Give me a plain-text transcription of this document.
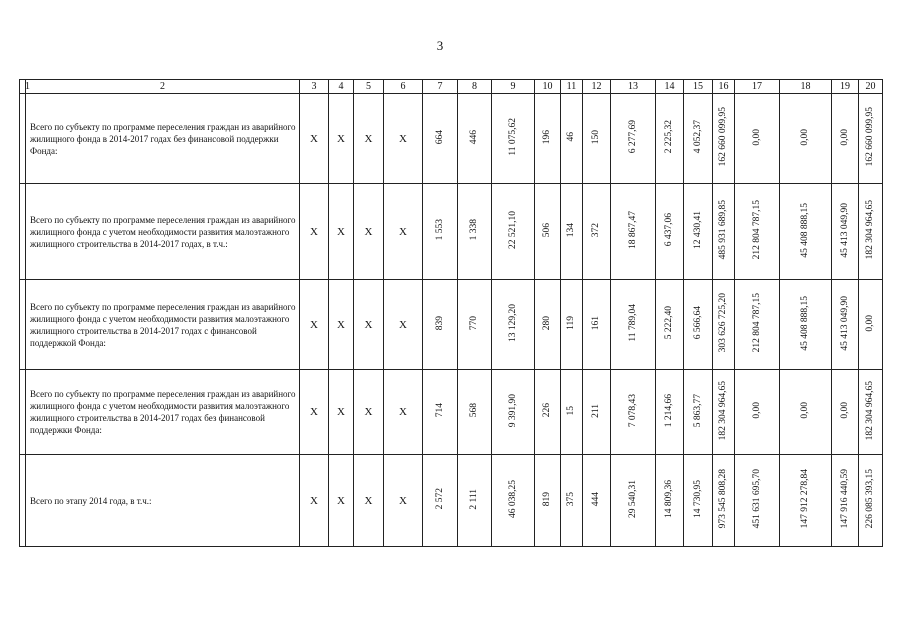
3
1	2	3	4	5	6	7	8	9	10	11	12	13	14	15	16	17	18	19	20
	Всего по субъекту по программе переселения граждан из аварийного жилищного фонда в 2014-2017 годах без финансовой поддержки Фонда:	X	X	X	X	664	446	11 075,62	196	46	150	6 277,69	2 225,32	4 052,37	162 660 099,95	0,00	0,00	0,00	162 660 099,95
	Всего по субъекту по программе переселения граждан из аварийного жилищного фонда с учетом необходимости развития малоэтажного жилищного строительства в 2014-2017 годах, в т.ч.:	X	X	X	X	1 553	1 338	22 521,10	506	134	372	18 867,47	6 437,06	12 430,41	485 931 689,85	212 804 787,15	45 408 888,15	45 413 049,90	182 304 964,65
	Всего по субъекту по программе переселения граждан из аварийного жилищного фонда с учетом необходимости развития малоэтажного жилищного строительства в 2014-2017 годах с финансовой поддержкой Фонда:	X	X	X	X	839	770	13 129,20	280	119	161	11 789,04	5 222,40	6 566,64	303 626 725,20	212 804 787,15	45 408 888,15	45 413 049,90	0,00
	Всего по субъекту по программе переселения граждан из аварийного жилищного фонда с учетом необходимости развития малоэтажного жилищного строительства в 2014-2017 годах без финансовой поддержки Фонда:	X	X	X	X	714	568	9 391,90	226	15	211	7 078,43	1 214,66	5 863,77	182 304 964,65	0,00	0,00	0,00	182 304 964,65
	Всего по этапу 2014 года, в т.ч.:	X	X	X	X	2 572	2 111	46 038,25	819	375	444	29 540,31	14 809,36	14 730,95	973 545 808,28	451 631 695,70	147 912 278,84	147 916 440,59	226 085 393,15
